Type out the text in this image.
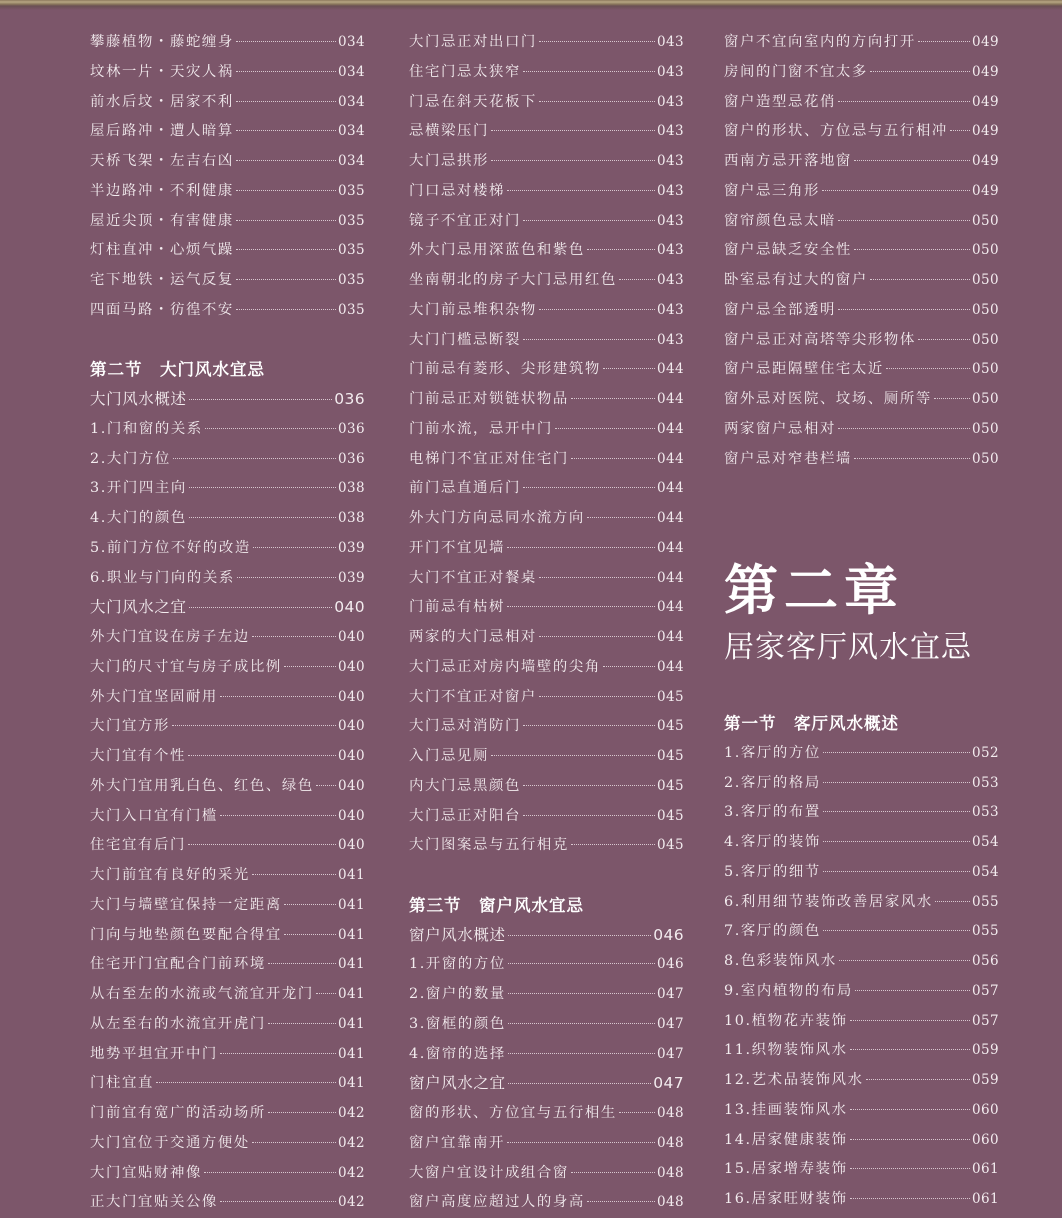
攀藤植物・藤蛇缠身	034
坟林一片・天灾人祸	034
前水后坟・居家不利	034
屋后路冲・遭人暗算	034
天桥飞架・左吉右凶	034
半边路冲・不利健康	035
屋近尖顶・有害健康	035
灯柱直冲・心烦气躁	035
宅下地铁・运气反复	035
四面马路・彷徨不安	035
第二节　大门风水宜忌
大门风水概述	036
1.门和窗的关系	036
2.大门方位	036
3.开门四主向	038
4.大门的颜色	038
5.前门方位不好的改造	039
6.职业与门向的关系	039
大门风水之宜	040
外大门宜设在房子左边	040
大门的尺寸宜与房子成比例	040
外大门宜坚固耐用	040
大门宜方形	040
大门宜有个性	040
外大门宜用乳白色、红色、绿色 040
大门入口宜有门槛	040
住宅宜有后门	040
大门前宜有良好的采光	041
大门与墙壁宜保持一定距离	041
门向与地垫颜色要配合得宜	041
住宅开门宜配合门前环境	041
从右至左的水流或气流宜开龙门 041
从左至右的水流宜开虎门	041
地势平坦宜开中门	041
门柱宜直	041
门前宜有宽广的活动场所	042
大门宜位于交通方便处	042
大门宜贴财神像	042
正大门宜贴关公像	042
大门忌正对出口门	043
住宅门忌太狭窄	043
门忌在斜天花板下	043
忌横梁压门	043
大门忌拱形	043
门口忌对楼梯	043
镜子不宜正对门	043
外大门忌用深蓝色和紫色	043
坐南朝北的房子大门忌用红色	043
大门前忌堆积杂物	043
大门门槛忌断裂	043
门前忌有菱形、尖形建筑物	044
门前忌正对锁链状物品	044
门前水流，忌开中门	044
电梯门不宜正对住宅门	044
前门忌直通后门	044
外大门方向忌同水流方向	044
开门不宜见墙	044
大门不宜正对餐桌	044
门前忌有枯树	044
两家的大门忌相对	044
大门忌正对房内墙壁的尖角	044
大门不宜正对窗户	045
大门忌对消防门	045
入门忌见厕	045
内大门忌黑颜色	045
大门忌正对阳台	045
大门图案忌与五行相克	045
第三节　窗户风水宜忌
窗户风水概述	046
1.开窗的方位	046
2.窗户的数量	047
3.窗框的颜色	047
4.窗帘的选择	047
窗户风水之宜	047
窗的形状、方位宜与五行相生	048
窗户宜靠南开	048
大窗户宜设计成组合窗	048
窗户高度应超过人的身高	048
窗户不宜向室内的方向打开	049
房间的门窗不宜太多	049
窗户造型忌花俏	049
窗户的形状、方位忌与五行相冲 049
西南方忌开落地窗	049
窗户忌三角形	049
窗帘颜色忌太暗	050
窗户忌缺乏安全性	050
卧室忌有过大的窗户	050
窗户忌全部透明	050
窗户忌正对高塔等尖形物体	050
窗户忌距隔壁住宅太近	050
窗外忌对医院、坟场、厕所等	050
两家窗户忌相对	050
窗户忌对窄巷栏墙	050
第二章
居家客厅风水宜忌
第一节　客厅风水概述
1.客厅的方位	052
2.客厅的格局	053
3.客厅的布置	053
4.客厅的装饰	054
5.客厅的细节	054
6.利用细节装饰改善居家风水	055
7.客厅的颜色	055
8.色彩装饰风水	056
9.室内植物的布局	057
10.植物花卉装饰	057
11.织物装饰风水	059
12.艺术品装饰风水	059
13.挂画装饰风水	060
14.居家健康装饰	060
15.居家增寿装饰	061
16.居家旺财装饰	061
